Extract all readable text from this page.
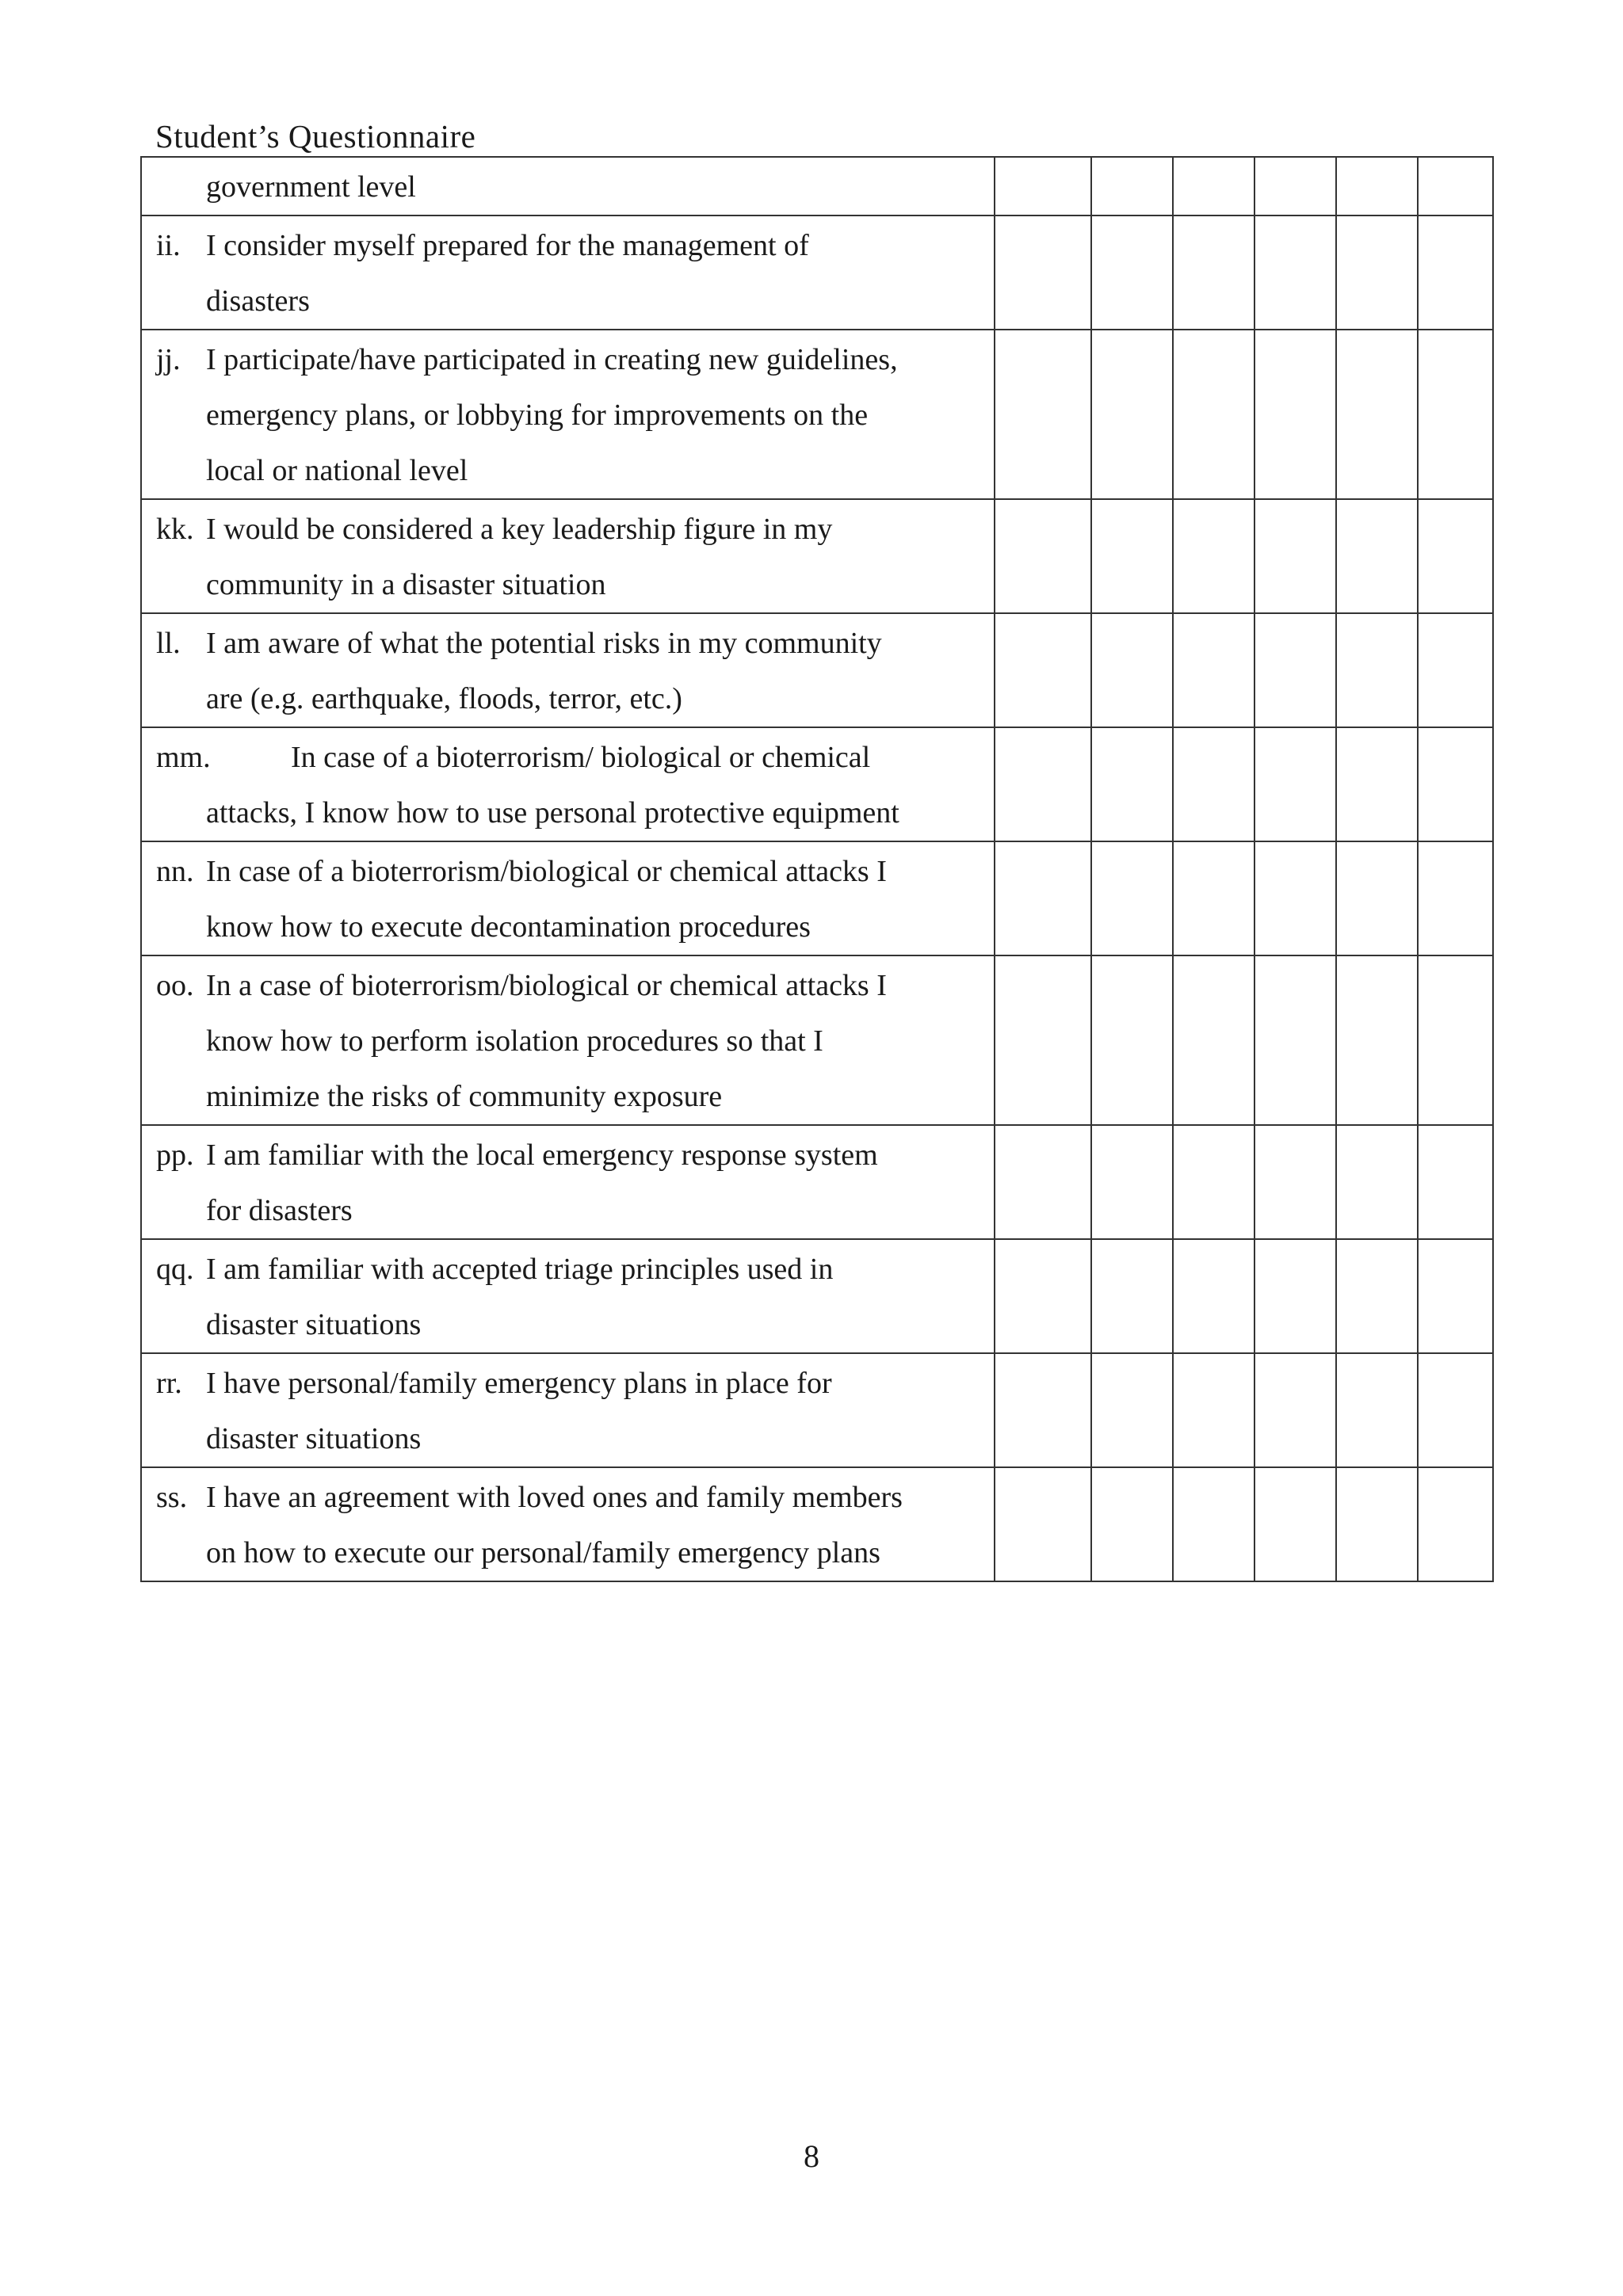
Student’s Questionnaire
government level						

ii. I consider myself prepared for the management of
disasters						

jj. I participate/have participated in creating new guidelines,
emergency plans, or lobbying for improvements on the
local or national level						

kk. I would be considered a key leadership figure in my
community in a disaster situation						

ll. I am aware of what the potential risks in my community
are (e.g. earthquake, floods, terror, etc.)						

mm. In case of a bioterrorism/ biological or chemical
attacks, I know how to use personal protective equipment						

nn. In case of a bioterrorism/biological or chemical attacks I
know how to execute decontamination procedures						

oo. In a case of bioterrorism/biological or chemical attacks I
know how to perform isolation procedures so that I
minimize the risks of community exposure						

pp. I am familiar with the local emergency response system
for disasters						

qq. I am familiar with accepted triage principles used in
disaster situations						

rr. I have personal/family emergency plans in place for
disaster situations						

ss. I have an agreement with loved ones and family members
on how to execute our personal/family emergency plans						

8
